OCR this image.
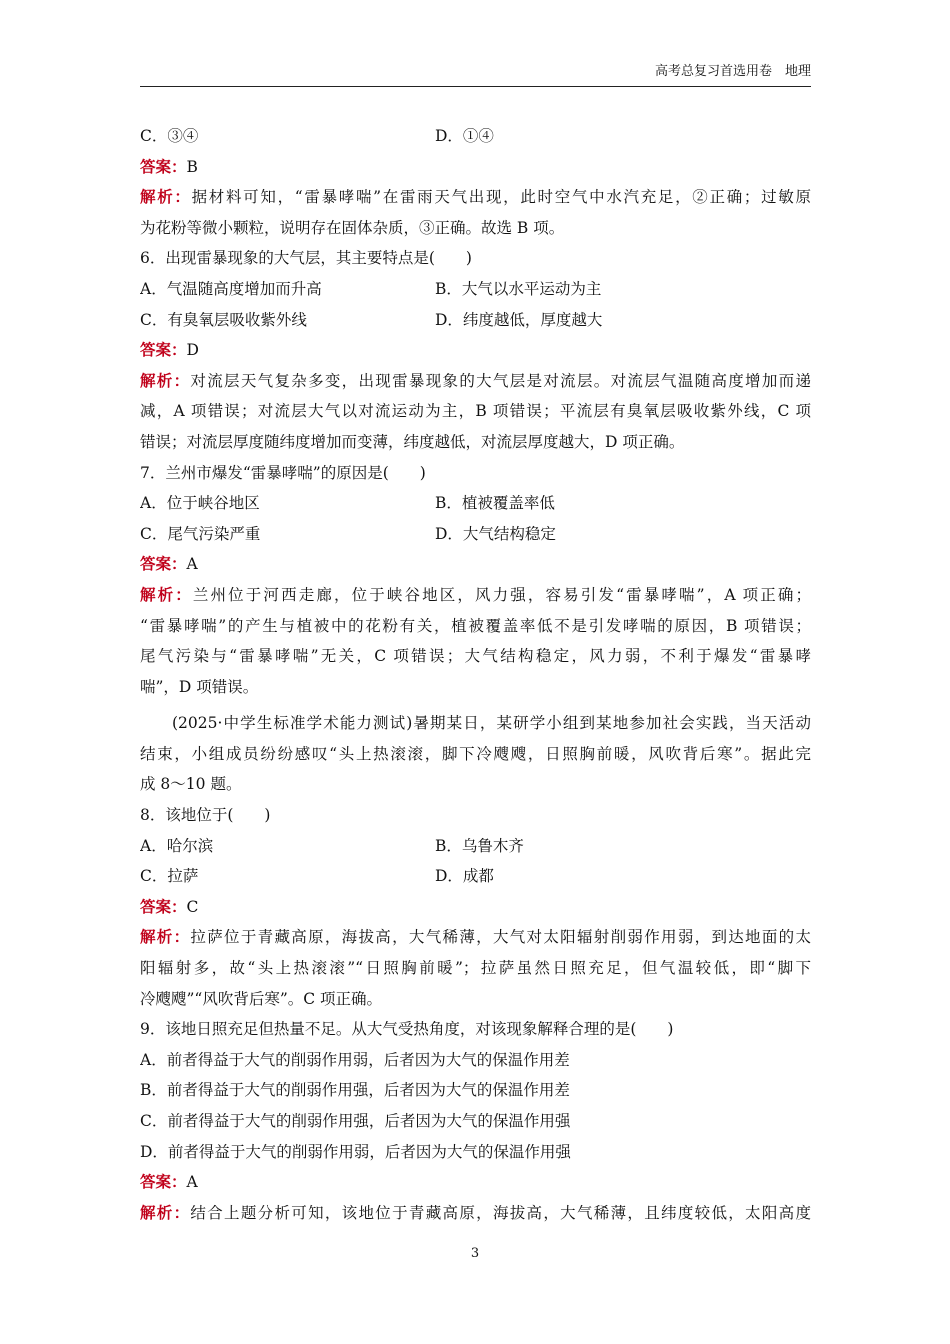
高考总复习首选用卷　地理
C．③④	D．①④
答案：B
解析：据材料可知，“雷暴哮喘”在雷雨天气出现，此时空气中水汽充足，②正确；过敏原
为花粉等微小颗粒，说明存在固体杂质，③正确。故选 B 项。
6．出现雷暴现象的大气层，其主要特点是(　　)
A．气温随高度增加而升高	B．大气以水平运动为主
C．有臭氧层吸收紫外线	D．纬度越低，厚度越大
答案：D
解析：对流层天气复杂多变，出现雷暴现象的大气层是对流层。对流层气温随高度增加而递
减，A 项错误；对流层大气以对流运动为主，B 项错误；平流层有臭氧层吸收紫外线，C 项
错误；对流层厚度随纬度增加而变薄，纬度越低，对流层厚度越大，D 项正确。
7．兰州市爆发“雷暴哮喘”的原因是(　　)
A．位于峡谷地区	B．植被覆盖率低
C．尾气污染严重	D．大气结构稳定
答案：A
解析：兰州位于河西走廊，位于峡谷地区，风力强，容易引发“雷暴哮喘”，A 项正确；
“雷暴哮喘”的产生与植被中的花粉有关，植被覆盖率低不是引发哮喘的原因，B 项错误；
尾气污染与“雷暴哮喘”无关，C 项错误；大气结构稳定，风力弱，不利于爆发“雷暴哮
喘”，D 项错误。
(2025·中学生标准学术能力测试)暑期某日，某研学小组到某地参加社会实践，当天活动
结束，小组成员纷纷感叹“头上热滚滚，脚下冷飕飕，日照胸前暖，风吹背后寒”。据此完
成 8～10 题。
8．该地位于(　　)
A．哈尔滨	B．乌鲁木齐
C．拉萨	D．成都
答案：C
解析：拉萨位于青藏高原，海拔高，大气稀薄，大气对太阳辐射削弱作用弱，到达地面的太
阳辐射多，故“头上热滚滚”“日照胸前暖”；拉萨虽然日照充足，但气温较低，即“脚下
冷飕飕”“风吹背后寒”。C 项正确。
9．该地日照充足但热量不足。从大气受热角度，对该现象解释合理的是(　　)
A．前者得益于大气的削弱作用弱，后者因为大气的保温作用差
B．前者得益于大气的削弱作用强，后者因为大气的保温作用差
C．前者得益于大气的削弱作用强，后者因为大气的保温作用强
D．前者得益于大气的削弱作用弱，后者因为大气的保温作用强
答案：A
解析：结合上题分析可知，该地位于青藏高原，海拔高，大气稀薄，且纬度较低，太阳高度
3
